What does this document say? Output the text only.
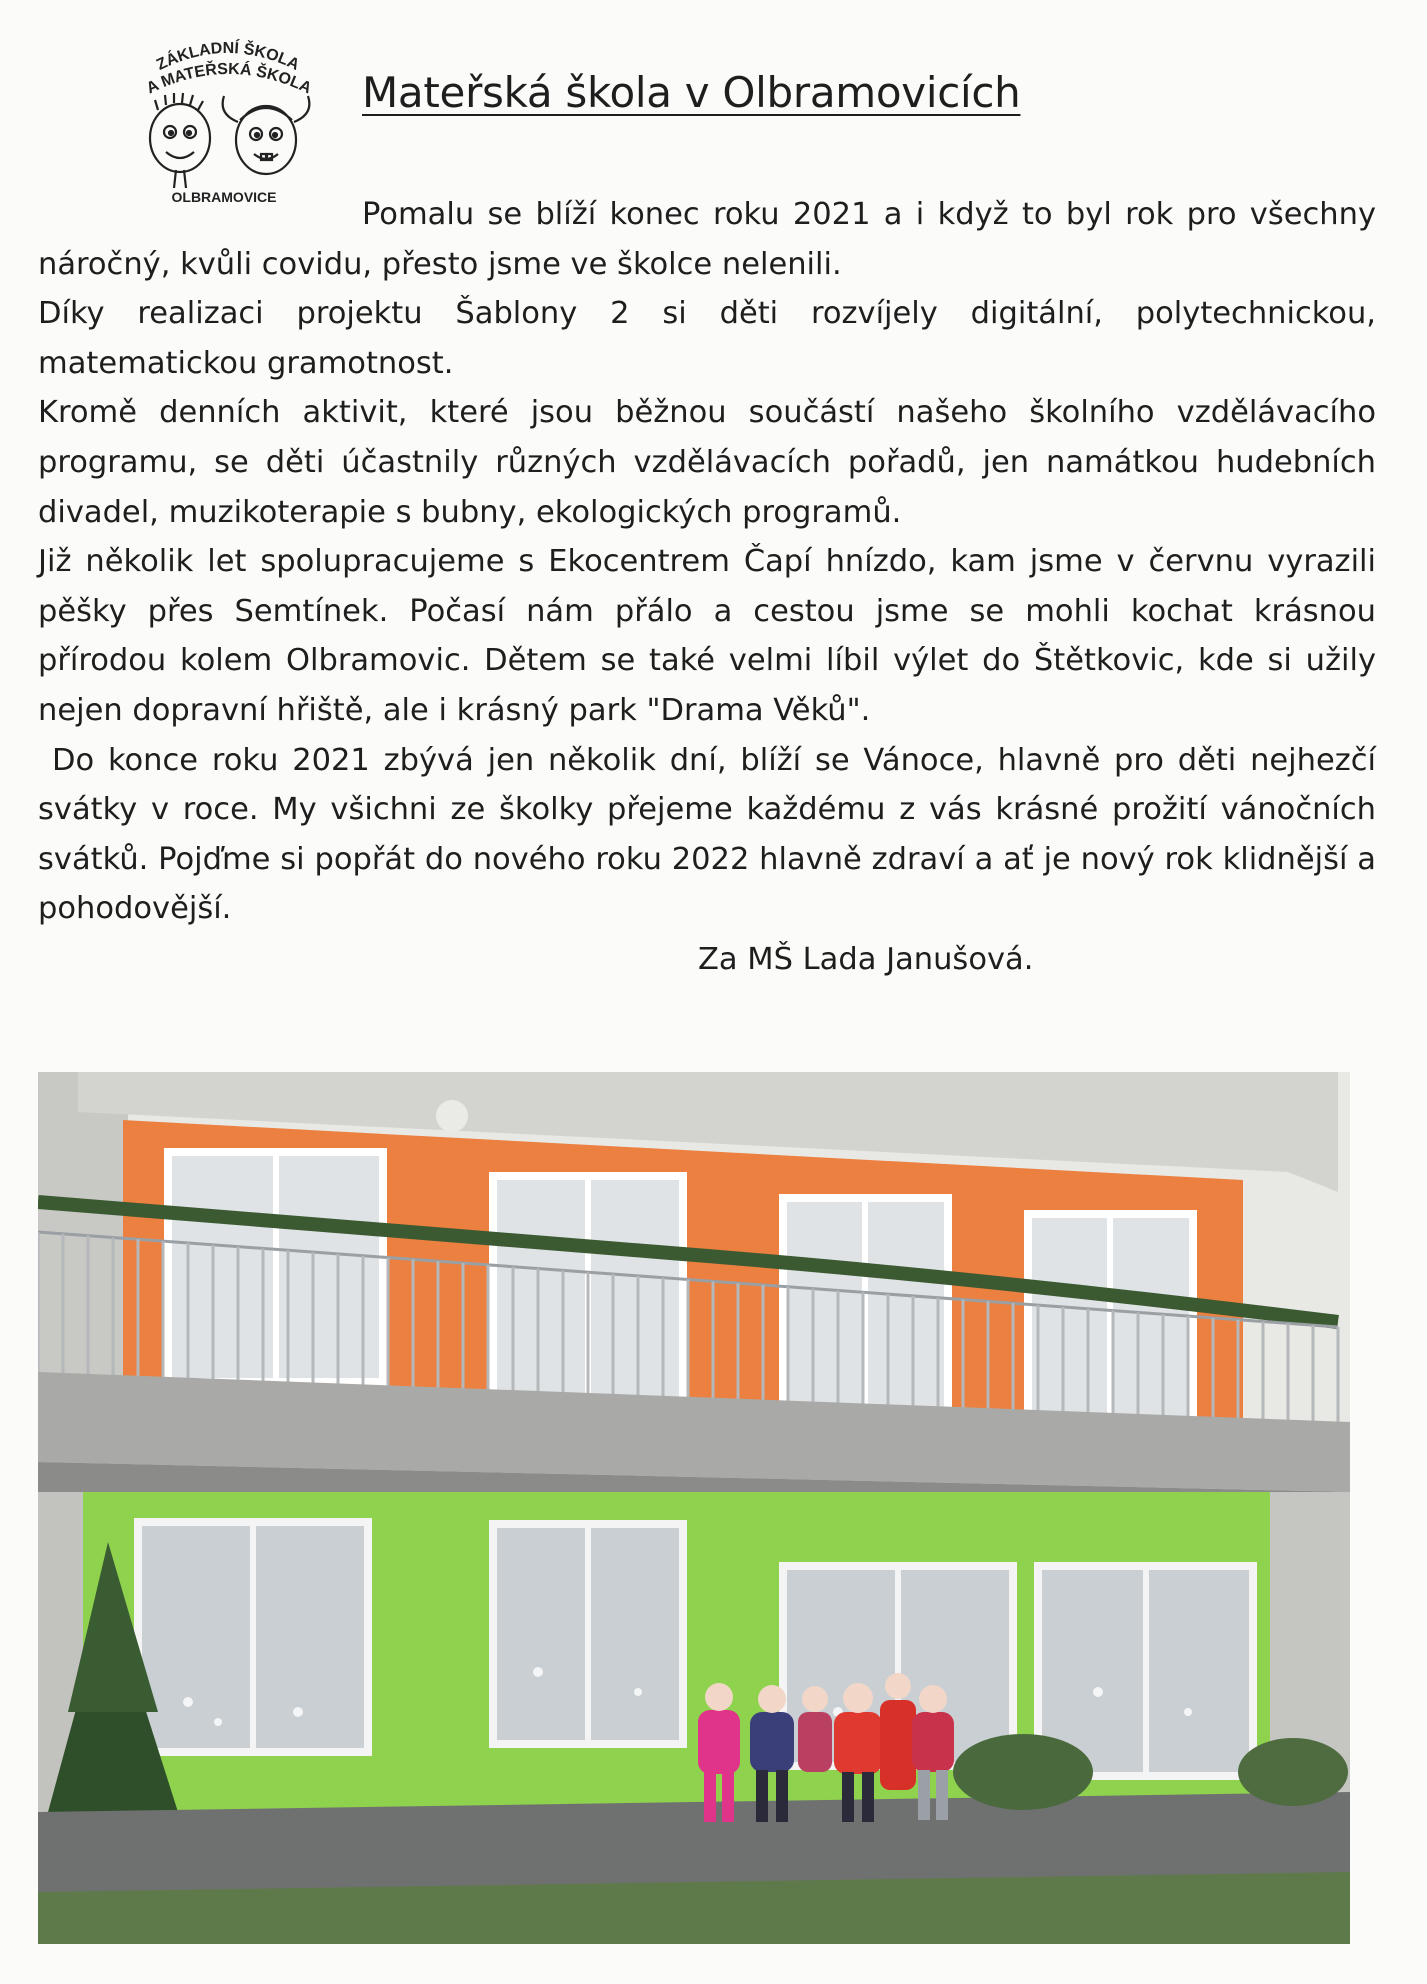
ZÁKLADNÍ ŠKOLA
A MATEŘSKÁ ŠKOLA
OLBRAMOVICE
Mateřská škola v Olbramovicích

Pomalu se blíží konec roku 2021 a i když to byl rok pro všechny náročný, kvůli covidu, přesto jsme ve školce nelenili.

Díky realizaci projektu Šablony 2 si děti rozvíjely digitální, polytechnickou, matematickou gramotnost.

Kromě denních aktivit, které jsou běžnou součástí našeho školního vzdělávacího programu, se děti účastnily různých vzdělávacích pořadů, jen namátkou hudebních divadel, muzikoterapie s bubny, ekologických programů.

Již několik let spolupracujeme s Ekocentrem Čapí hnízdo, kam jsme v červnu vyrazili pěšky přes Semtínek. Počasí nám přálo a cestou jsme se mohli kochat krásnou přírodou kolem Olbramovic. Dětem se také velmi líbil výlet do Štětkovic, kde si užily nejen dopravní hřiště, ale i krásný park "Drama Věků".

Do konce roku 2021 zbývá jen několik dní, blíží se Vánoce, hlavně pro děti nejhezčí svátky v roce. My všichni ze školky přejeme každému z vás krásné prožití vánočních svátků. Pojďme si popřát do nového roku 2022 hlavně zdraví a ať je nový rok klidnější a pohodovější.

Za MŠ Lada Janušová.
